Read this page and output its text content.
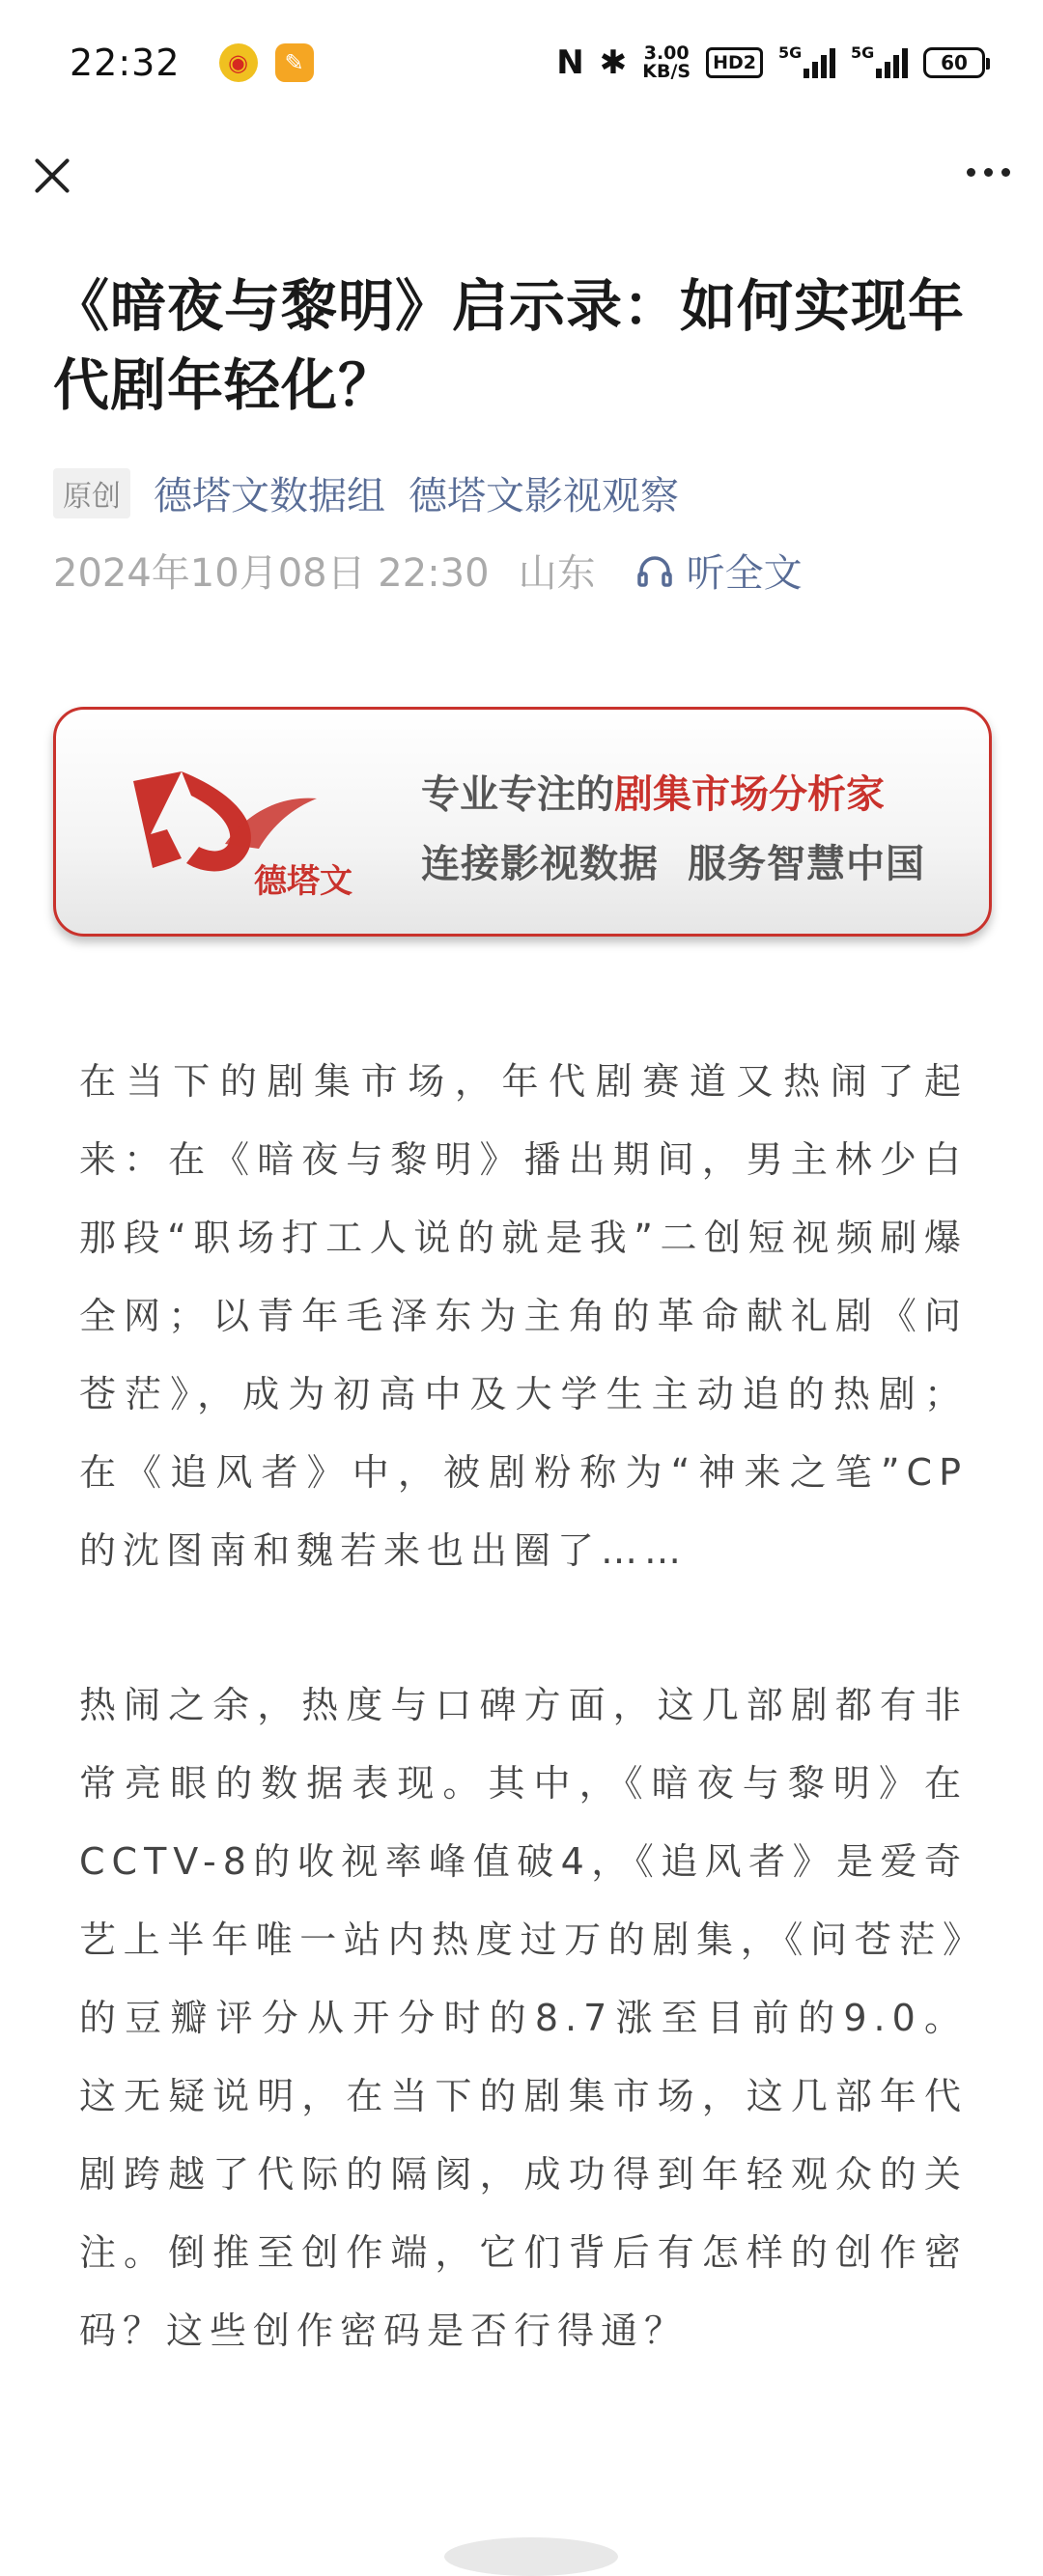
22:32	◉	✎	N ✱ 3.00
KB/S	HD2	5G	5G	60
《暗夜与黎明》启示录：如何实现年代剧年轻化？
原创 德塔文数据组 德塔文影视观察
2024年10月08日 22:30 山东 听全文
德塔文
专业专注的剧集市场分析家
连接影视数据 服务智慧中国

在当下的剧集市场，年代剧赛道又热闹了起来：在《暗夜与黎明》播出期间，男主林少白那段“职场打工人说的就是我”二创短视频刷爆全网；以青年毛泽东为主角的革命献礼剧《问苍茫》，成为初高中及大学生主动追的热剧；在《追风者》中，被剧粉称为“神来之笔”CP的沈图南和魏若来也出圈了……

热闹之余，热度与口碑方面，这几部剧都有非常亮眼的数据表现。其中，《暗夜与黎明》在CCTV-8的收视率峰值破4，《追风者》是爱奇艺上半年唯一站内热度过万的剧集，《问苍茫》的豆瓣评分从开分时的8.7涨至目前的9.0。这无疑说明，在当下的剧集市场，这几部年代剧跨越了代际的隔阂，成功得到年轻观众的关注。倒推至创作端，它们背后有怎样的创作密码？这些创作密码是否行得通？
